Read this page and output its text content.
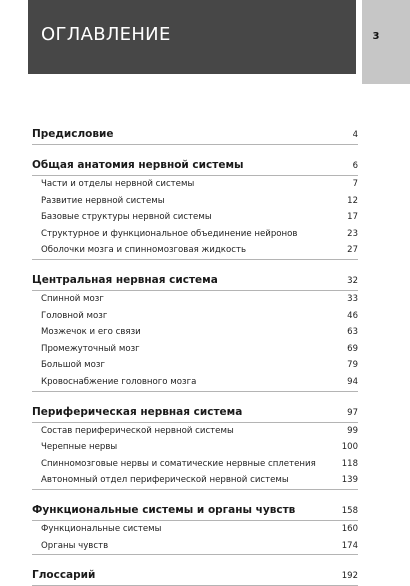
ОГЛАВЛЕНИЕ	3
Предисловие	4
Общая анатомия нервной системы	6
Части и отделы нервной системы	7
Развитие нервной системы	12
Базовые структуры нервной системы	17
Структурное и функциональное объединение нейронов	23
Оболочки мозга и спинномозговая жидкость	27
Центральная нервная система	32
Спинной мозг	33
Головной мозг	46
Мозжечок и его связи	63
Промежуточный мозг	69
Большой мозг	79
Кровоснабжение головного мозга	94
Периферическая нервная система	97
Состав периферической нервной системы	99
Черепные нервы	100
Спинномозговые нервы и соматические нервные сплетения	118
Автономный отдел периферической нервной системы	139
Функциональные системы и органы чувств	158
Функциональные системы	160
Органы чувств	174
Глоссарий	192
